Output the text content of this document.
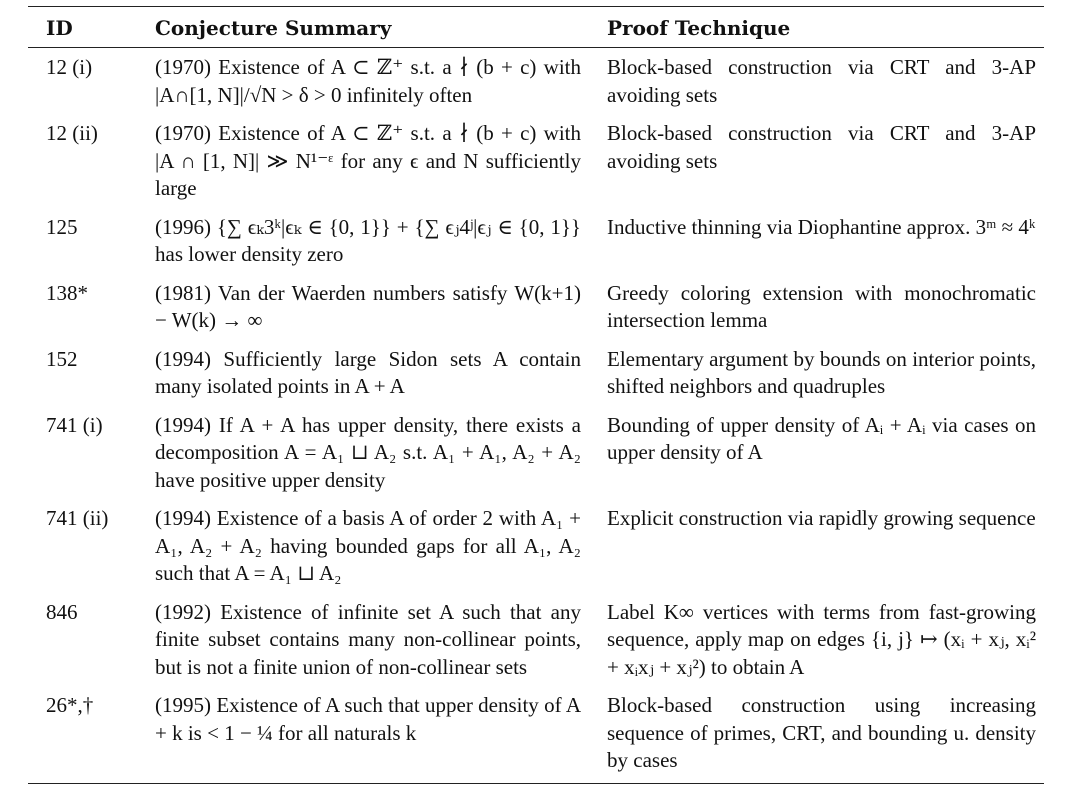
ID	Conjecture Summary	Proof Technique
12 (i)	(1970) Existence of A ⊂ ℤ⁺ s.t. a ∤ (b + c) with |A∩[1, N]|/√N > δ > 0 infinitely often	Block-based construction via CRT and 3-AP avoiding sets
12 (ii)	(1970) Existence of A ⊂ ℤ⁺ s.t. a ∤ (b + c) with |A ∩ [1, N]| ≫ N¹⁻ᵋ for any ϵ and N sufficiently large	Block-based construction via CRT and 3-AP avoiding sets
125	(1996) {∑ ϵₖ3ᵏ|ϵₖ ∈ {0, 1}} + {∑ ϵⱼ4ʲ|ϵⱼ ∈ {0, 1}} has lower density zero	Inductive thinning via Diophantine approx. 3ᵐ ≈ 4ᵏ
138*	(1981) Van der Waerden numbers satisfy W(k+1) − W(k) → ∞	Greedy coloring extension with monochromatic intersection lemma
152	(1994) Sufficiently large Sidon sets A contain many isolated points in A + A	Elementary argument by bounds on interior points, shifted neighbors and quadruples
741 (i)	(1994) If A + A has upper density, there exists a decomposition A = A₁ ⊔ A₂ s.t. A₁ + A₁, A₂ + A₂ have positive upper density	Bounding of upper density of Aᵢ + Aᵢ via cases on upper density of A
741 (ii)	(1994) Existence of a basis A of order 2 with A₁ + A₁, A₂ + A₂ having bounded gaps for all A₁, A₂ such that A = A₁ ⊔ A₂	Explicit construction via rapidly growing sequence
846	(1992) Existence of infinite set A such that any finite subset contains many non-collinear points, but is not a finite union of non-collinear sets	Label K∞ vertices with terms from fast-growing sequence, apply map on edges {i, j} ↦ (xᵢ + xⱼ, xᵢ² + xᵢxⱼ + xⱼ²) to obtain A
26*,†	(1995) Existence of A such that upper density of A + k is < 1 − ¼ for all naturals k	Block-based construction using increasing sequence of primes, CRT, and bounding u. density by cases
